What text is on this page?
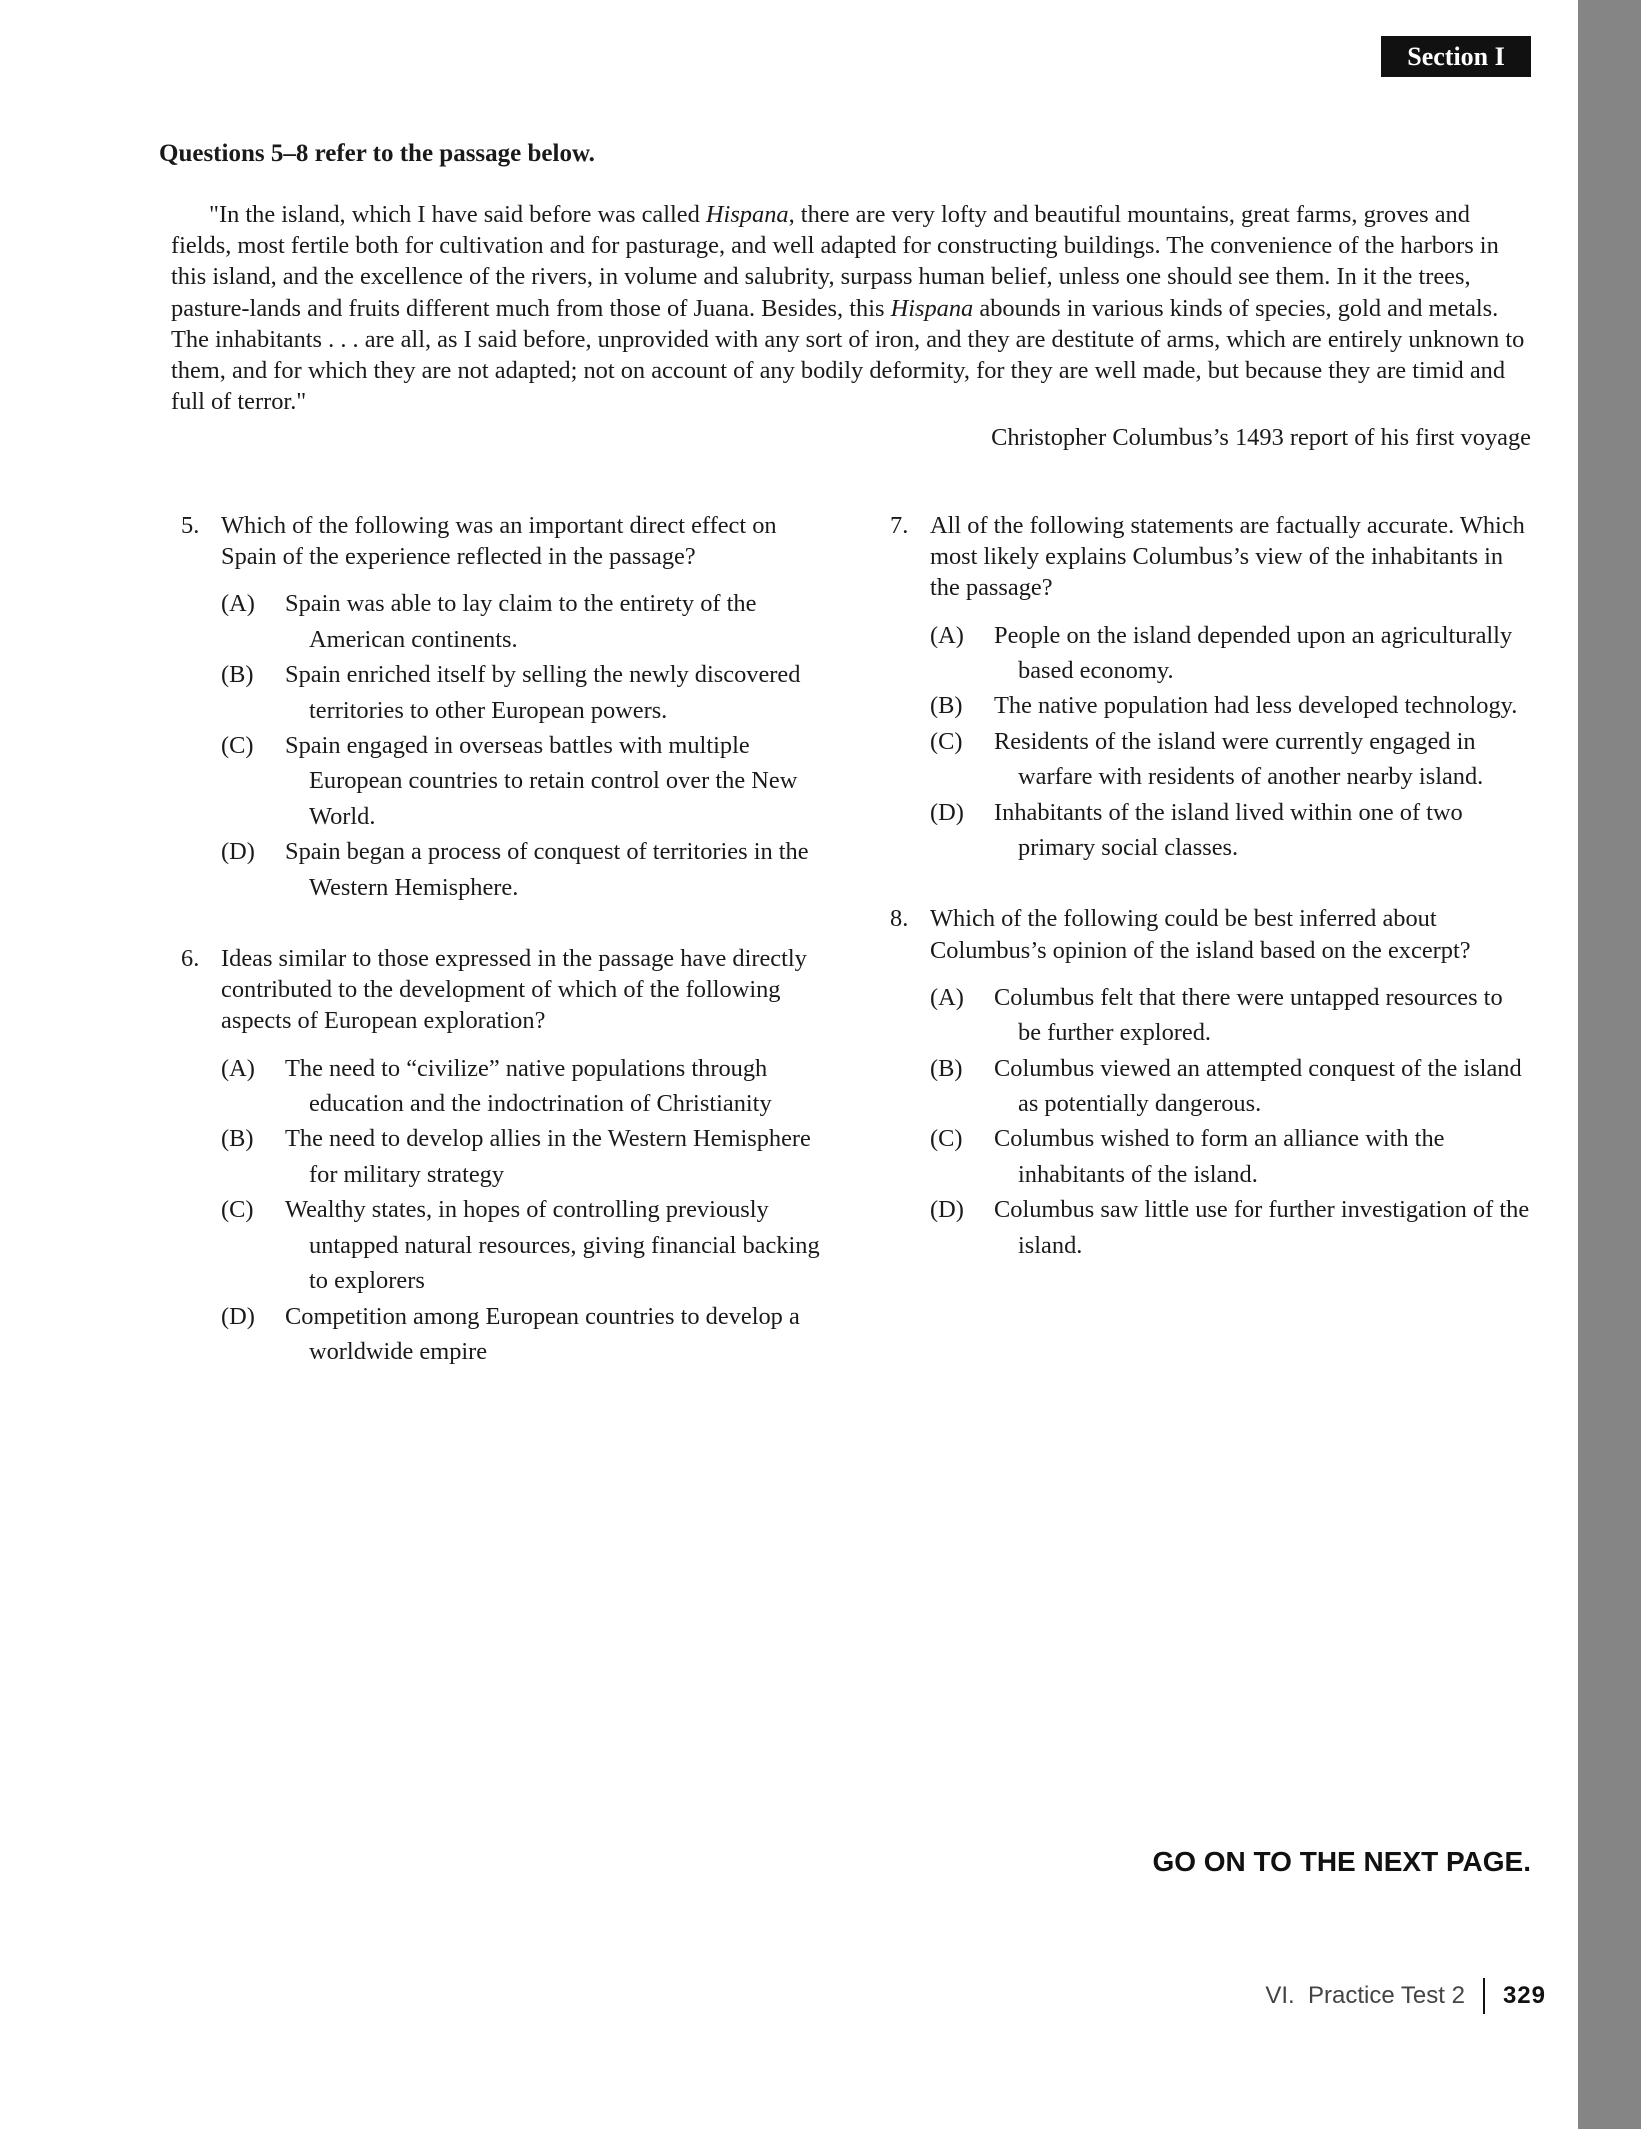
Section I
Questions 5–8 refer to the passage below.

"In the island, which I have said before was called Hispana, there are very lofty and beautiful mountains, great farms, groves and fields, most fertile both for cultivation and for pasturage, and well adapted for constructing buildings. The convenience of the harbors in this island, and the excellence of the rivers, in volume and salubrity, surpass human belief, unless one should see them. In it the trees, pasture-lands and fruits different much from those of Juana. Besides, this Hispana abounds in various kinds of species, gold and metals. The inhabitants . . . are all, as I said before, unprovided with any sort of iron, and they are destitute of arms, which are entirely unknown to them, and for which they are not adapted; not on account of any bodily deformity, for they are well made, but because they are timid and full of terror."

Christopher Columbus’s 1493 report of his first voyage
5. Which of the following was an important direct effect on Spain of the experience reflected in the passage?
(A) Spain was able to lay claim to the entirety of the American continents.
(B) Spain enriched itself by selling the newly discovered territories to other European powers.
(C) Spain engaged in overseas battles with multiple European countries to retain control over the New World.
(D) Spain began a process of conquest of territories in the Western Hemisphere.
6. Ideas similar to those expressed in the passage have directly contributed to the development of which of the following aspects of European exploration?
(A) The need to “civilize” native populations through education and the indoctrination of Christianity
(B) The need to develop allies in the Western Hemisphere for military strategy
(C) Wealthy states, in hopes of controlling previously untapped natural resources, giving financial backing to explorers
(D) Competition among European countries to develop a worldwide empire
7. All of the following statements are factually accurate. Which most likely explains Columbus’s view of the inhabitants in the passage?
(A) People on the island depended upon an agriculturally based economy.
(B) The native population had less developed technology.
(C) Residents of the island were currently engaged in warfare with residents of another nearby island.
(D) Inhabitants of the island lived within one of two primary social classes.
8. Which of the following could be best inferred about Columbus’s opinion of the island based on the excerpt?
(A) Columbus felt that there were untapped resources to be further explored.
(B) Columbus viewed an attempted conquest of the island as potentially dangerous.
(C) Columbus wished to form an alliance with the inhabitants of the island.
(D) Columbus saw little use for further investigation of the island.
GO ON TO THE NEXT PAGE.
VI.  Practice Test 2 329
